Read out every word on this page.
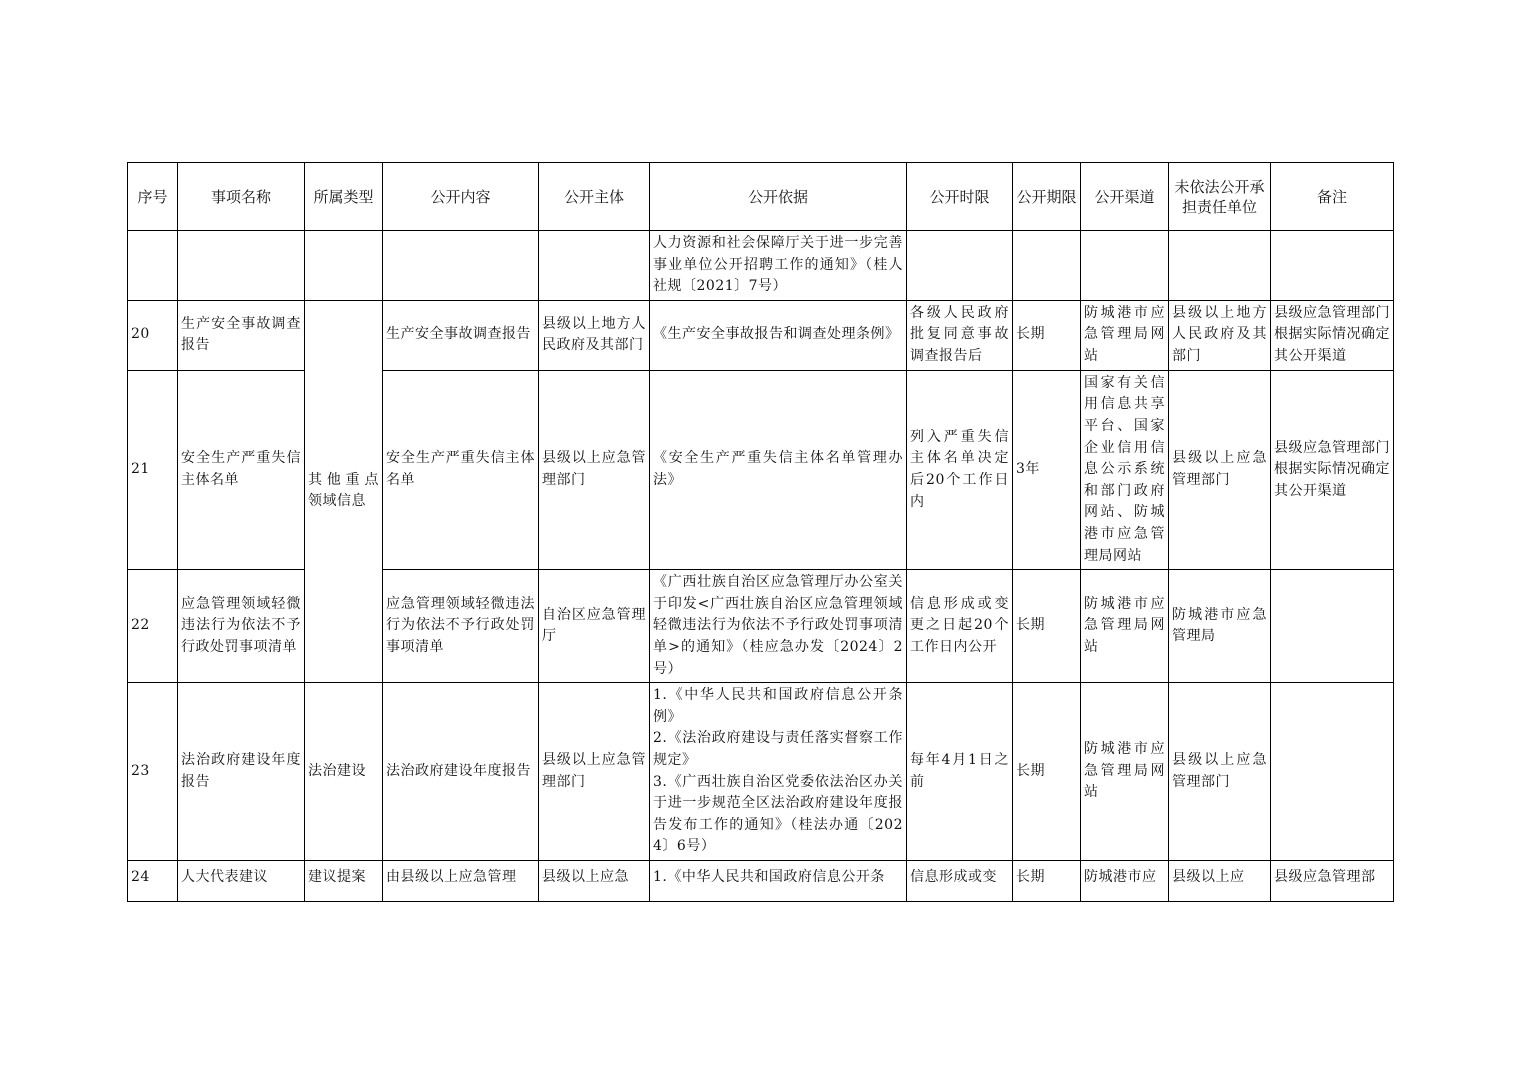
序号	事项名称	所属类型	公开内容	公开主体	公开依据	公开时限	公开期限	公开渠道	未依法公开承担责任单位	备注
					人力资源和社会保障厅关于进一步完善事业单位公开招聘工作的通知》（桂人社规〔2021〕7号）					
20	生产安全事故调查报告	其他重点领域信息	生产安全事故调查报告	县级以上地方人民政府及其部门	《生产安全事故报告和调查处理条例》	各级人民政府批复同意事故调查报告后	长期	防城港市应急管理局网站	县级以上地方人民政府及其部门	县级应急管理部门根据实际情况确定其公开渠道
21	安全生产严重失信主体名单		安全生产严重失信主体名单	县级以上应急管理部门	《安全生产严重失信主体名单管理办法》	列入严重失信主体名单决定后20个工作日内	3年	国家有关信用信息共享平台、国家企业信用信息公示系统和部门政府网站、防城港市应急管理局网站	县级以上应急管理部门	县级应急管理部门根据实际情况确定其公开渠道
22	应急管理领域轻微违法行为依法不予行政处罚事项清单		应急管理领域轻微违法行为依法不予行政处罚事项清单	自治区应急管理厅	《广西壮族自治区应急管理厅办公室关于印发<广西壮族自治区应急管理领域轻微违法行为依法不予行政处罚事项清单>的通知》（桂应急办发〔2024〕2号）	信息形成或变更之日起20个工作日内公开	长期	防城港市应急管理局网站	防城港市应急管理局	
23	法治政府建设年度报告	法治建设	法治政府建设年度报告	县级以上应急管理部门	1.《中华人民共和国政府信息公开条例》
2.《法治政府建设与责任落实督察工作规定》
3.《广西壮族自治区党委依法治区办关于进一步规范全区法治政府建设年度报告发布工作的通知》（桂法办通〔2024〕6号）	每年4月1日之前	长期	防城港市应急管理局网站	县级以上应急管理部门	

24	人大代表建议	建议提案	由县级以上应急管理	县级以上应急	1.《中华人民共和国政府信息公开条	信息形成或变	长期	防城港市应	县级以上应	县级应急管理部
